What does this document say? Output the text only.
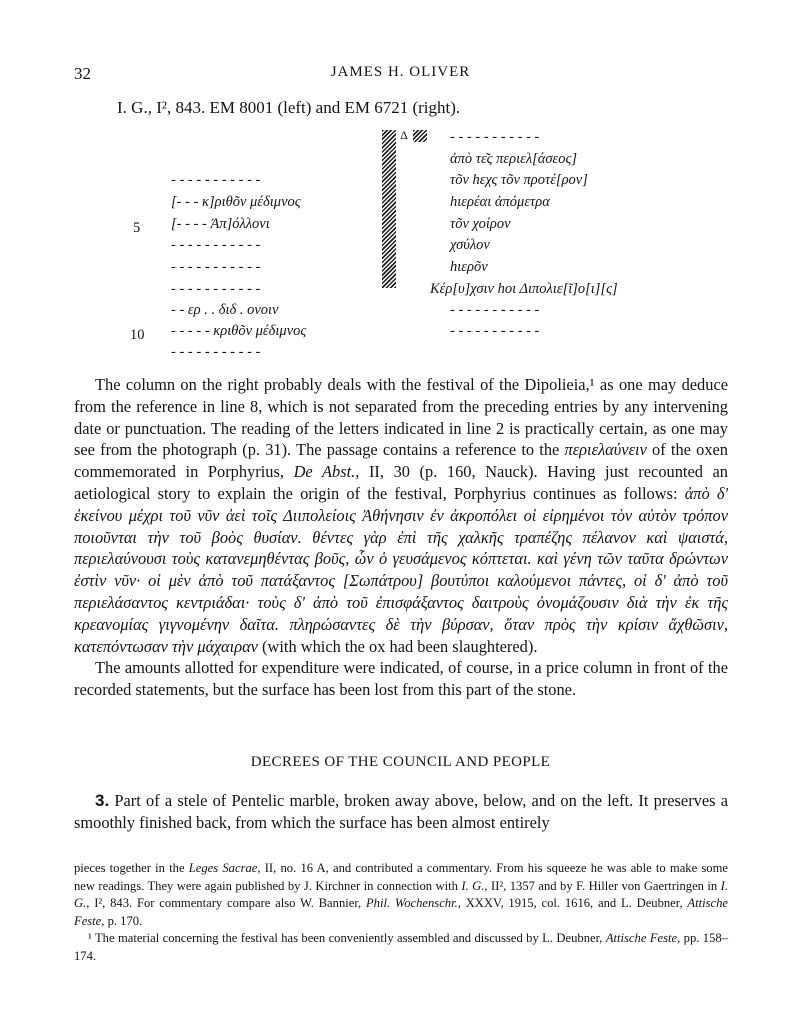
32	JAMES H. OLIVER
I. G., I², 843. EM 8001 (left) and EM 6721 (right).
- - - - - - - - - - -
[- - - κ]ριθõν μέδιμνος
5 [- - - - Ἀπ]όλλονι
- - - - - - - - - - -
- - - - - - - - - - -
- - - - - - - - - - -
- - ερ . . διδ . ονοιν
10 - - - - - κριθõν μέδιμνος
- - - - - - - - - - -
Δ	- - - - - - - - - - -
ἀπὸ τε͂ς περιελ[άσεος]
τõν hεχς τõν προτέ[ρον]
hιερέαι ἀπόμετρα
τõν χοίρον
χσύλον
hιερõν
Κέρ[υ]χσιν hοι Διπολιε[ῖ]ο[ι][ς]
- - - - - - - - - - -
- - - - - - - - - - -

The column on the right probably deals with the festival of the Dipolieia,¹ as one may deduce from the reference in line 8, which is not separated from the preceding entries by any intervening date or punctuation. The reading of the letters indicated in line 2 is practically certain, as one may see from the photograph (p. 31). The passage contains a reference to the περιελαύνειν of the oxen commemorated in Porphyrius, De Abst., II, 30 (p. 160, Nauck). Having just recounted an aetiological story to explain the origin of the festival, Porphyrius continues as follows: ἀπὸ δ' ἐκείνου μέχρι τοῦ νῦν ἀεὶ τοῖς Διιπολείοις Ἀθήνησιν ἐν ἀκροπόλει οἱ εἰρημένοι τὸν αὐτὸν τρόπον ποιοῦνται τὴν τοῦ βοὸς θυσίαν. θέντες γὰρ ἐπὶ τῆς χαλκῆς τραπέζης πέλανον καὶ ψαιστά, περιελαύνουσι τοὺς κατανεμηθέντας βοῦς, ὧν ὁ γευσάμενος κόπτεται. καὶ γένη τῶν ταῦτα δρώντων ἐστὶν νῦν· οἱ μὲν ἀπὸ τοῦ πατάξαντος [Σωπάτρου] βουτύποι καλούμενοι πάντες, οἱ δ' ἀπὸ τοῦ περιελάσαντος κεντριάδαι· τοὺς δ' ἀπὸ τοῦ ἐπισφάξαντος δαιτροὺς ὀνομάζουσιν διὰ τὴν ἐκ τῆς κρεανομίας γιγνομένην δαῖτα. πληρώσαντες δὲ τὴν βύρσαν, ὅταν πρὸς τὴν κρίσιν ἄχθῶσιν, κατεπόντωσαν τὴν μάχαιραν (with which the ox had been slaughtered).

The amounts allotted for expenditure were indicated, of course, in a price column in front of the recorded statements, but the surface has been lost from this part of the stone.

DECREES OF THE COUNCIL AND PEOPLE
3. Part of a stele of Pentelic marble, broken away above, below, and on the left. It preserves a smoothly finished back, from which the surface has been almost entirely

pieces together in the Leges Sacrae, II, no. 16 A, and contributed a commentary. From his squeeze he was able to make some new readings. They were again published by J. Kirchner in connection with I. G., II², 1357 and by F. Hiller von Gaertringen in I. G., I², 843. For commentary compare also W. Bannier, Phil. Wochenschr., XXXV, 1915, col. 1616, and L. Deubner, Attische Feste, p. 170.

¹ The material concerning the festival has been conveniently assembled and discussed by L. Deubner, Attische Feste, pp. 158–174.
